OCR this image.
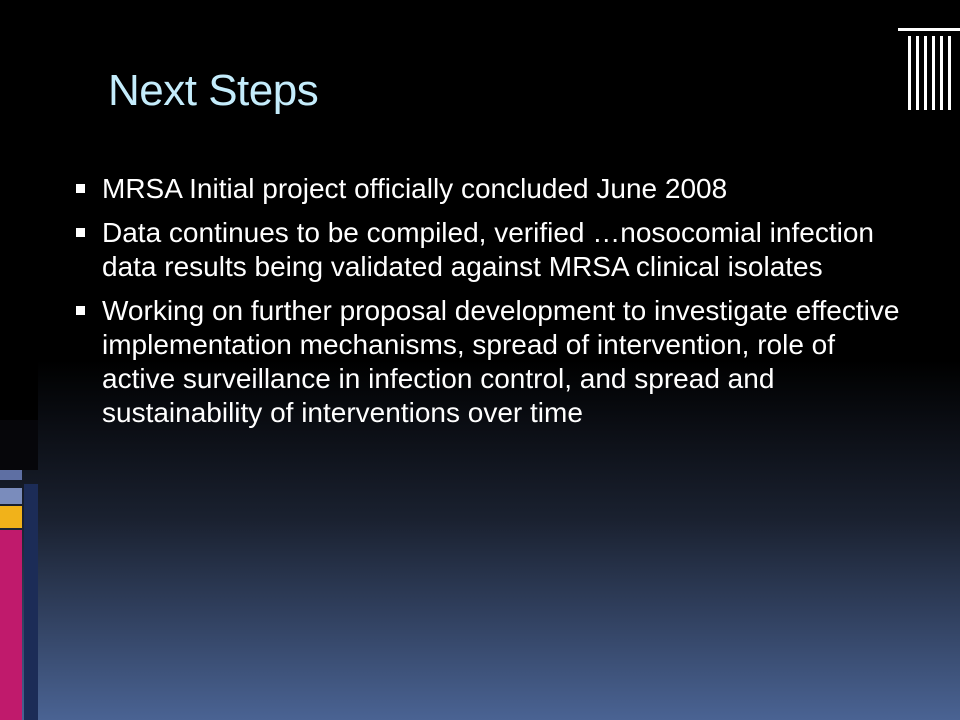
Next Steps
MRSA Initial project officially concluded June 2008
Data continues to be compiled, verified …nosocomial infection data results being validated against MRSA clinical isolates
Working on further proposal development to investigate effective implementation mechanisms, spread of intervention, role of active surveillance in infection control, and spread and sustainability of interventions over time
